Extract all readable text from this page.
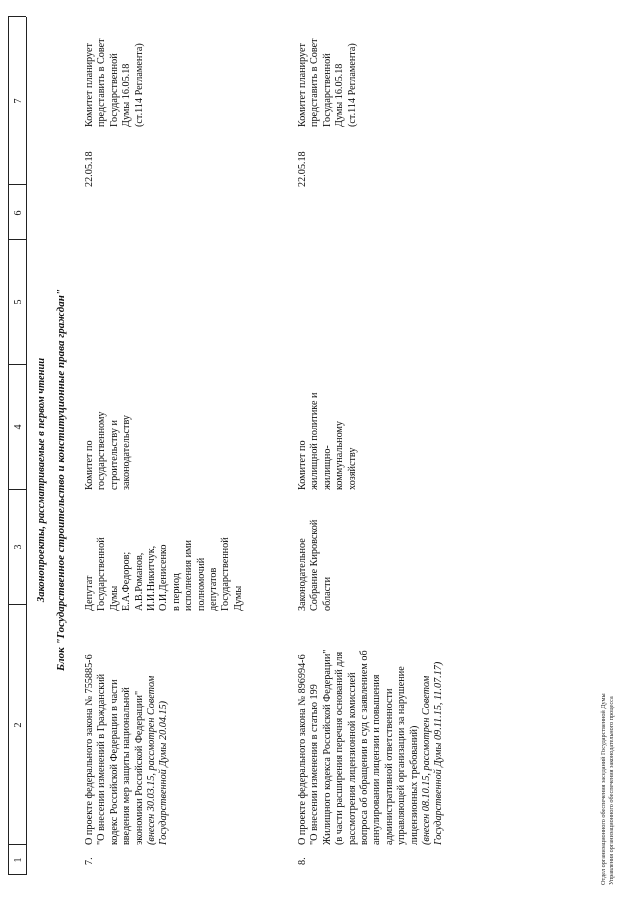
1
2
3
4
5
6
7
Законопроекты, рассматриваемые в первом чтении Блок "Государственное строительство и конституционные права граждан"
7.
О проекте федерального закона № 755885-6
"О внесении изменений в Гражданский
кодекс Российской Федерации в части
введения мер защиты национальной
экономики Российской Федерации"
(внесен 30.03.15, рассмотрен Советом
Государственной Думы 20.04.15)
Депутат
Государственной
Думы
Е.А.Федоров;
А.В.Романов,
И.И.Никитчук,
О.И.Денисенко
в период
исполнения ими
полномочий
депутатов
Государственной
Думы
Комитет по
государственному
строительству и
законодательству
22.05.18
Комитет планирует
представить в Совет
Государственной
Думы 16.05.18
(ст.114 Регламента)
8.
О проекте федерального закона № 896994-6
"О внесении изменения в статью 199
Жилищного кодекса Российской Федерации"
(в части расширения перечня оснований для
рассмотрения лицензионной комиссией
вопроса об обращении в суд с заявлением об
аннулировании лицензии и повышения
административной ответственности
управляющей организации за нарушение
лицензионных требований)
(внесен 08.10.15, рассмотрен Советом
Государственной Думы 09.11.15, 11.07.17)
Законодательное
Собрание Кировской
области
Комитет по
жилищной политике и
жилищно-
коммунальному
хозяйству
22.05.18
Комитет планирует
представить в Совет
Государственной
Думы 16.05.18
(ст.114 Регламента)
Отдел организационного обеспечения заседаний Государственной Думы
Управления организационного обеспечения законодательного процесса
